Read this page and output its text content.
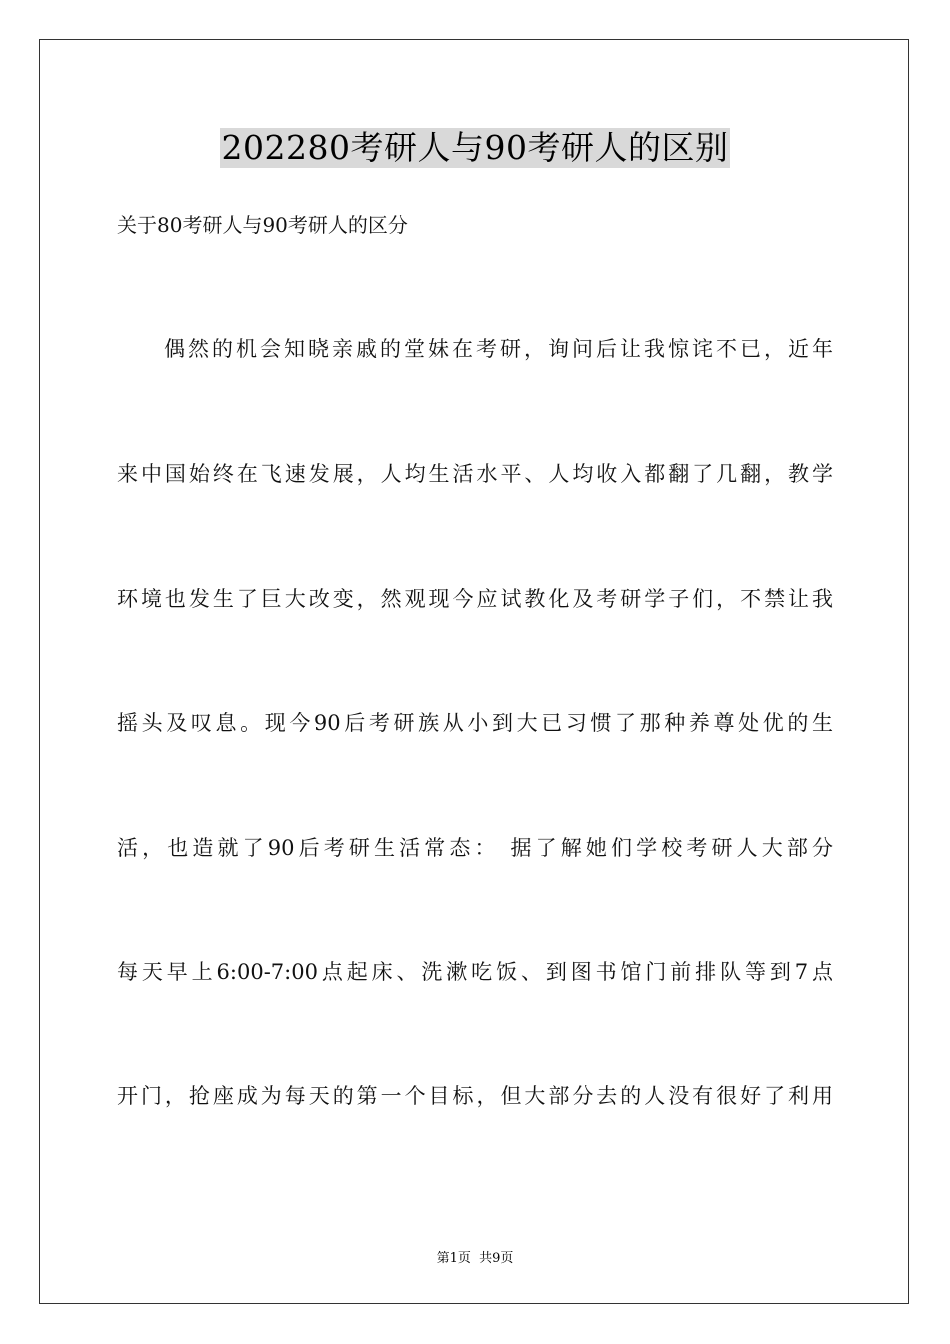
202280考研人与90考研人的区别
关于80考研人与90考研人的区分
偶然的机会知晓亲戚的堂妹在考研，询问后让我惊诧不已，近年
来中国始终在飞速发展，人均生活水平、人均收入都翻了几翻，教学
环境也发生了巨大改变，然观现今应试教化及考研学子们，不禁让我
摇头及叹息。现今90后考研族从小到大已习惯了那种养尊处优的生
活，也造就了90后考研生活常态： 据了解她们学校考研人大部分
每天早上6:00-7:00点起床、洗漱吃饭、到图书馆门前排队等到7点
开门，抢座成为每天的第一个目标，但大部分去的人没有很好了利用
第1页 共9页
